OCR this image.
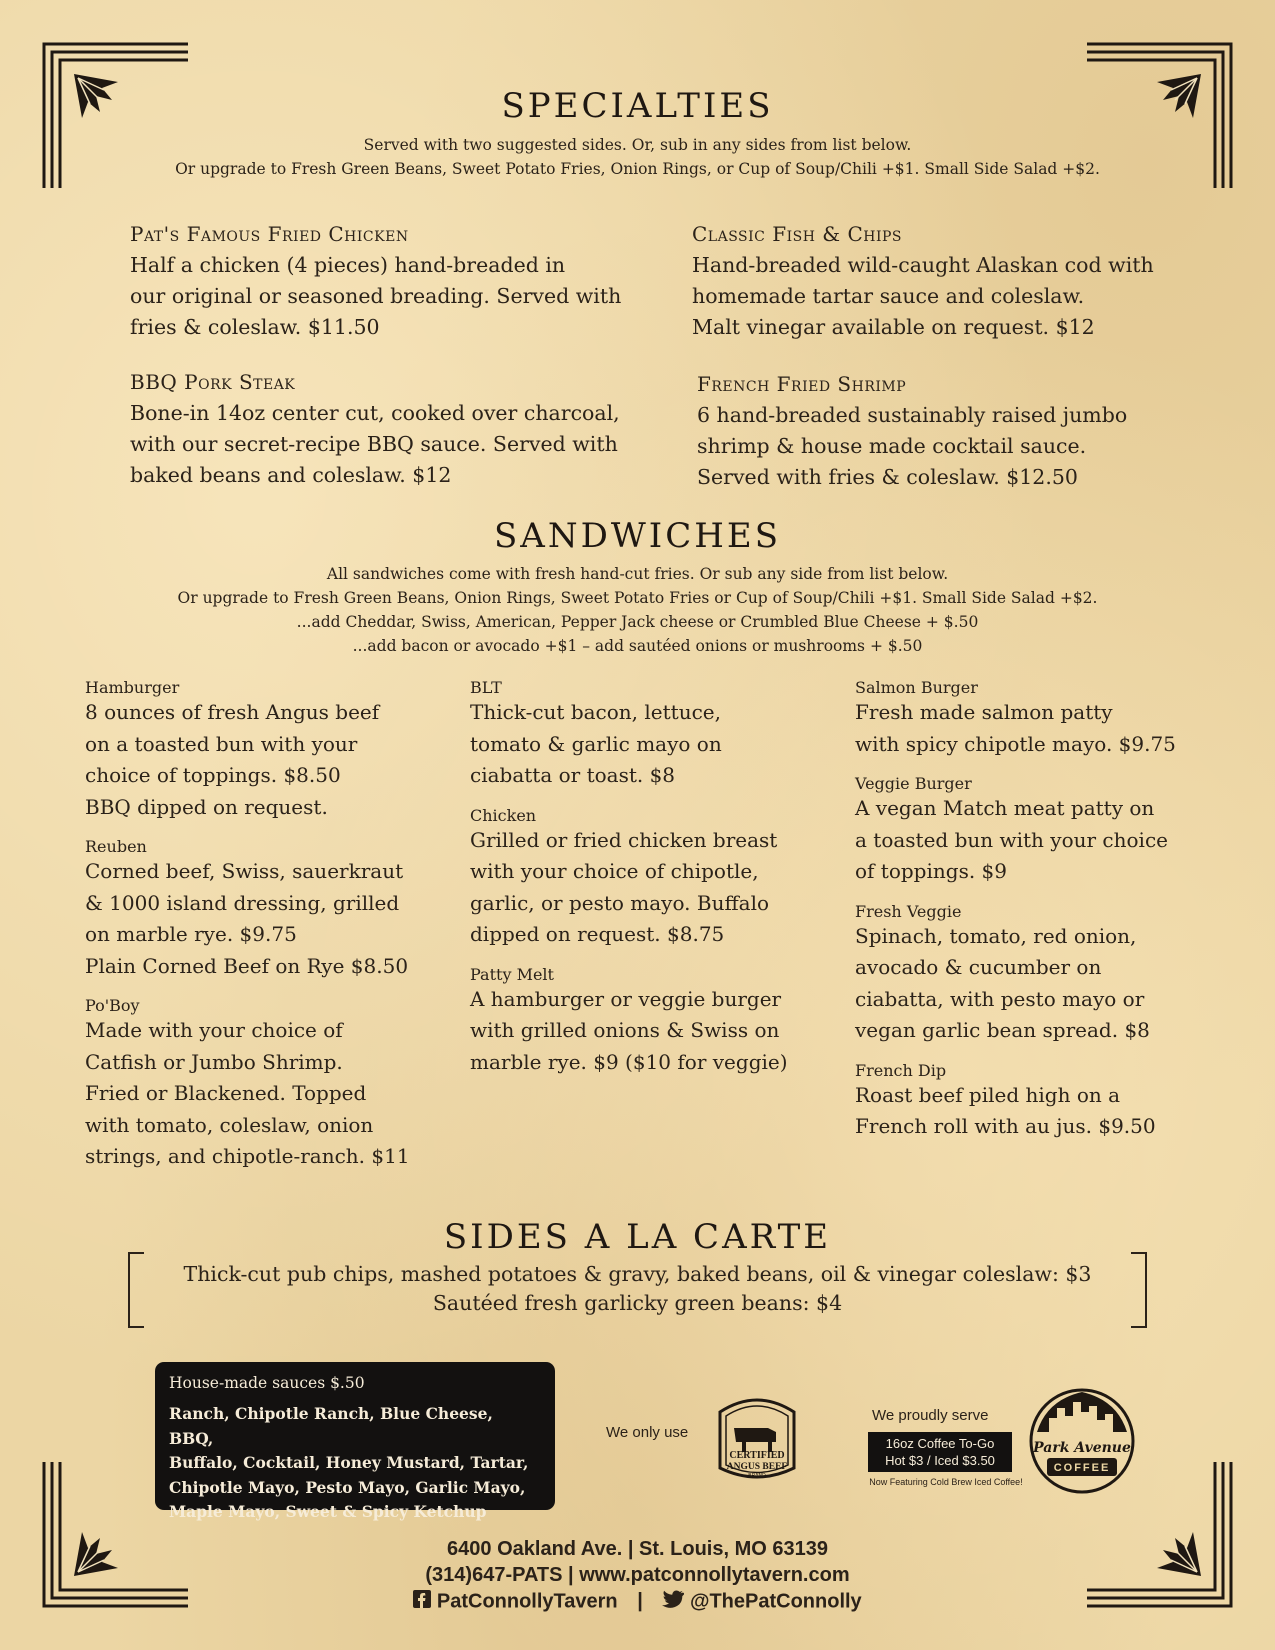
SPECIALTIES
Served with two suggested sides. Or, sub in any sides from list below.
Or upgrade to Fresh Green Beans, Sweet Potato Fries, Onion Rings, or Cup of Soup/Chili +$1. Small Side Salad +$2.
Pat's Famous Fried Chicken
Half a chicken (4 pieces) hand-breaded in
our original or seasoned breading. Served with
fries & coleslaw. $11.50
Classic Fish & Chips
Hand-breaded wild-caught Alaskan cod with
homemade tartar sauce and coleslaw.
Malt vinegar available on request. $12
BBQ Pork Steak
Bone-in 14oz center cut, cooked over charcoal,
with our secret-recipe BBQ sauce. Served with
baked beans and coleslaw. $12
French Fried Shrimp
6 hand-breaded sustainably raised jumbo
shrimp & house made cocktail sauce.
Served with fries & coleslaw. $12.50
SANDWICHES
All sandwiches come with fresh hand-cut fries. Or sub any side from list below.
Or upgrade to Fresh Green Beans, Onion Rings, Sweet Potato Fries or Cup of Soup/Chili +$1. Small Side Salad +$2.
...add Cheddar, Swiss, American, Pepper Jack cheese or Crumbled Blue Cheese + $.50
...add bacon or avocado +$1 – add sautéed onions or mushrooms + $.50
Hamburger
8 ounces of fresh Angus beef
on a toasted bun with your
choice of toppings. $8.50
BBQ dipped on request.
Reuben
Corned beef, Swiss, sauerkraut
& 1000 island dressing, grilled
on marble rye. $9.75
Plain Corned Beef on Rye $8.50
Po'Boy
Made with your choice of
Catfish or Jumbo Shrimp.
Fried or Blackened. Topped
with tomato, coleslaw, onion
strings, and chipotle-ranch. $11
BLT
Thick-cut bacon, lettuce,
tomato & garlic mayo on
ciabatta or toast. $8
Chicken
Grilled or fried chicken breast
with your choice of chipotle,
garlic, or pesto mayo. Buffalo
dipped on request. $8.75
Patty Melt
A hamburger or veggie burger
with grilled onions & Swiss on
marble rye. $9 ($10 for veggie)
Salmon Burger
Fresh made salmon patty
with spicy chipotle mayo. $9.75
Veggie Burger
A vegan Match meat patty on
a toasted bun with your choice
of toppings. $9
Fresh Veggie
Spinach, tomato, red onion,
avocado & cucumber on
ciabatta, with pesto mayo or
vegan garlic bean spread. $8
French Dip
Roast beef piled high on a
French roll with au jus. $9.50
SIDES A LA CARTE
Thick-cut pub chips, mashed potatoes & gravy, baked beans, oil & vinegar coleslaw: $3
Sautéed fresh garlicky green beans: $4
House-made sauces $.50
Ranch, Chipotle Ranch, Blue Cheese, BBQ,
Buffalo, Cocktail, Honey Mustard, Tartar,
Chipotle Mayo, Pesto Mayo, Garlic Mayo,
Maple Mayo, Sweet & Spicy Ketchup
We only use
CERTIFIED
ANGUS BEEF
BRAND
We proudly serve
16oz Coffee To-Go
Hot $3 / Iced $3.50
Now Featuring Cold Brew Iced Coffee!
Park Avenue
COFFEE
6400 Oakland Ave. | St. Louis, MO 63139
(314)647-PATS | www.patconnollytavern.com
PatConnollyTavern | @ThePatConnolly
